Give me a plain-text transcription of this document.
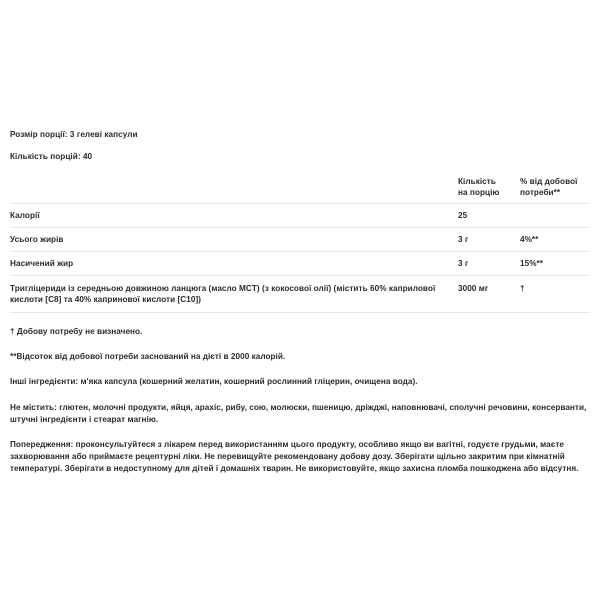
Розмір порції: 3 гелеві капсули

Кількість порцій: 40

	Кількість
на порцію	% від добової
потреби**

Калорії	25	
Усього жирів	3 г	4%**
Насичений жир	3 г	15%**
Тригліцериди із середньою довжиною ланцюга (масло MCT) (з кокосової олії) (містить 60% каприлової кислоти [C8] та 40% капринової кислоти [C10])	3000 мг	†

† Добову потребу не визначено.

**Відсоток від добової потреби заснований на дієті в 2000 калорій.

Інші інгредієнти: м'яка капсула (кошерний желатин, кошерний рослинний гліцерин, очищена вода).

Не містить: глютен, молочні продукти, яйця, арахіс, рибу, сою, молюски, пшеницю, дріжджі, наповнювачі, сполучні речовини, консерванти, штучні інгредієнти і стеарат магнію.

Попередження: проконсультуйтеся з лікарем перед використанням цього продукту, особливо якщо ви вагітні, годуєте грудьми, маєте захворювання або приймаєте рецептурні ліки. Не перевищуйте рекомендовану добову дозу. Зберігати щільно закритим при кімнатній температурі. Зберігати в недоступному для дітей і домашніх тварин. Не використовуйте, якщо захисна пломба пошкоджена або відсутня.
